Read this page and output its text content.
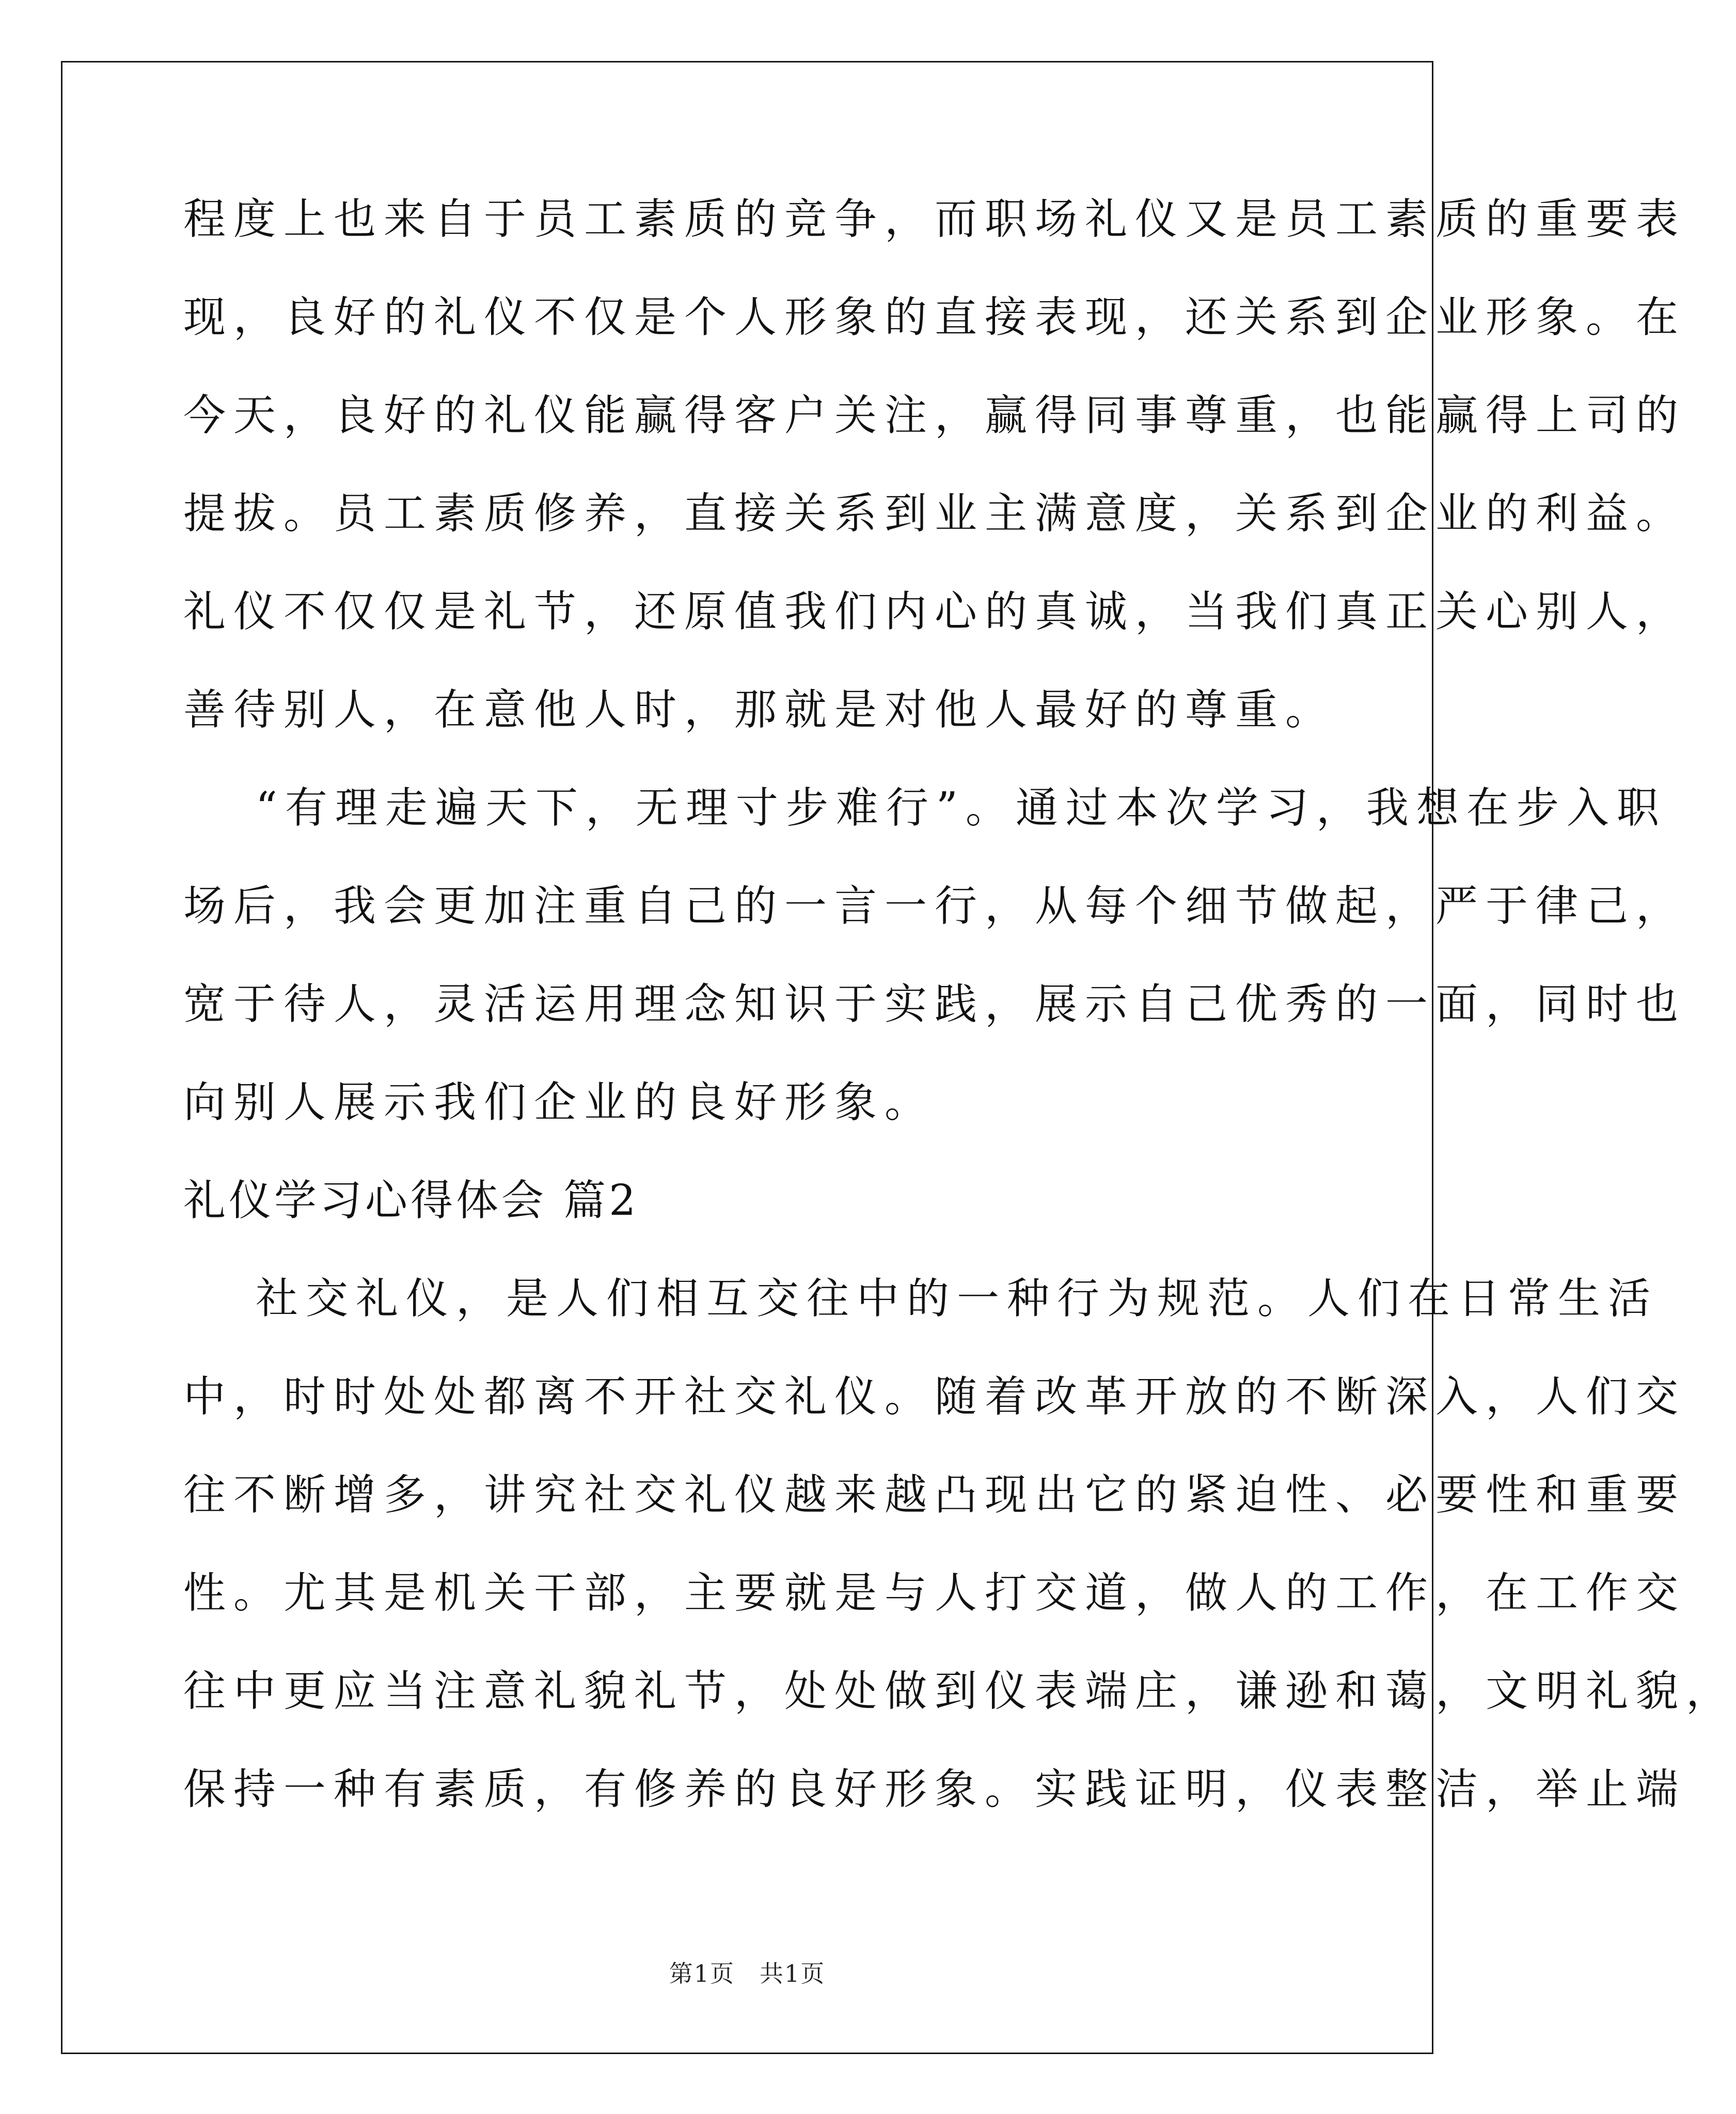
程度上也来自于员工素质的竞争，而职场礼仪又是员工素质的重要表
现，良好的礼仪不仅是个人形象的直接表现，还关系到企业形象。在
今天，良好的礼仪能赢得客户关注，赢得同事尊重，也能赢得上司的
提拔。员工素质修养，直接关系到业主满意度，关系到企业的利益。
礼仪不仅仅是礼节，还原值我们内心的真诚，当我们真正关心别人，
善待别人，在意他人时，那就是对他人最好的尊重。
“有理走遍天下，无理寸步难行”。通过本次学习，我想在步入职
场后，我会更加注重自己的一言一行，从每个细节做起，严于律己，
宽于待人，灵活运用理念知识于实践，展示自己优秀的一面，同时也
向别人展示我们企业的良好形象。
礼仪学习心得体会 篇2
社交礼仪，是人们相互交往中的一种行为规范。人们在日常生活
中，时时处处都离不开社交礼仪。随着改革开放的不断深入，人们交
往不断增多，讲究社交礼仪越来越凸现出它的紧迫性、必要性和重要
性。尤其是机关干部，主要就是与人打交道，做人的工作，在工作交
往中更应当注意礼貌礼节，处处做到仪表端庄，谦逊和蔼，文明礼貌，
保持一种有素质，有修养的良好形象。实践证明，仪表整洁，举止端
第1页　共1页
